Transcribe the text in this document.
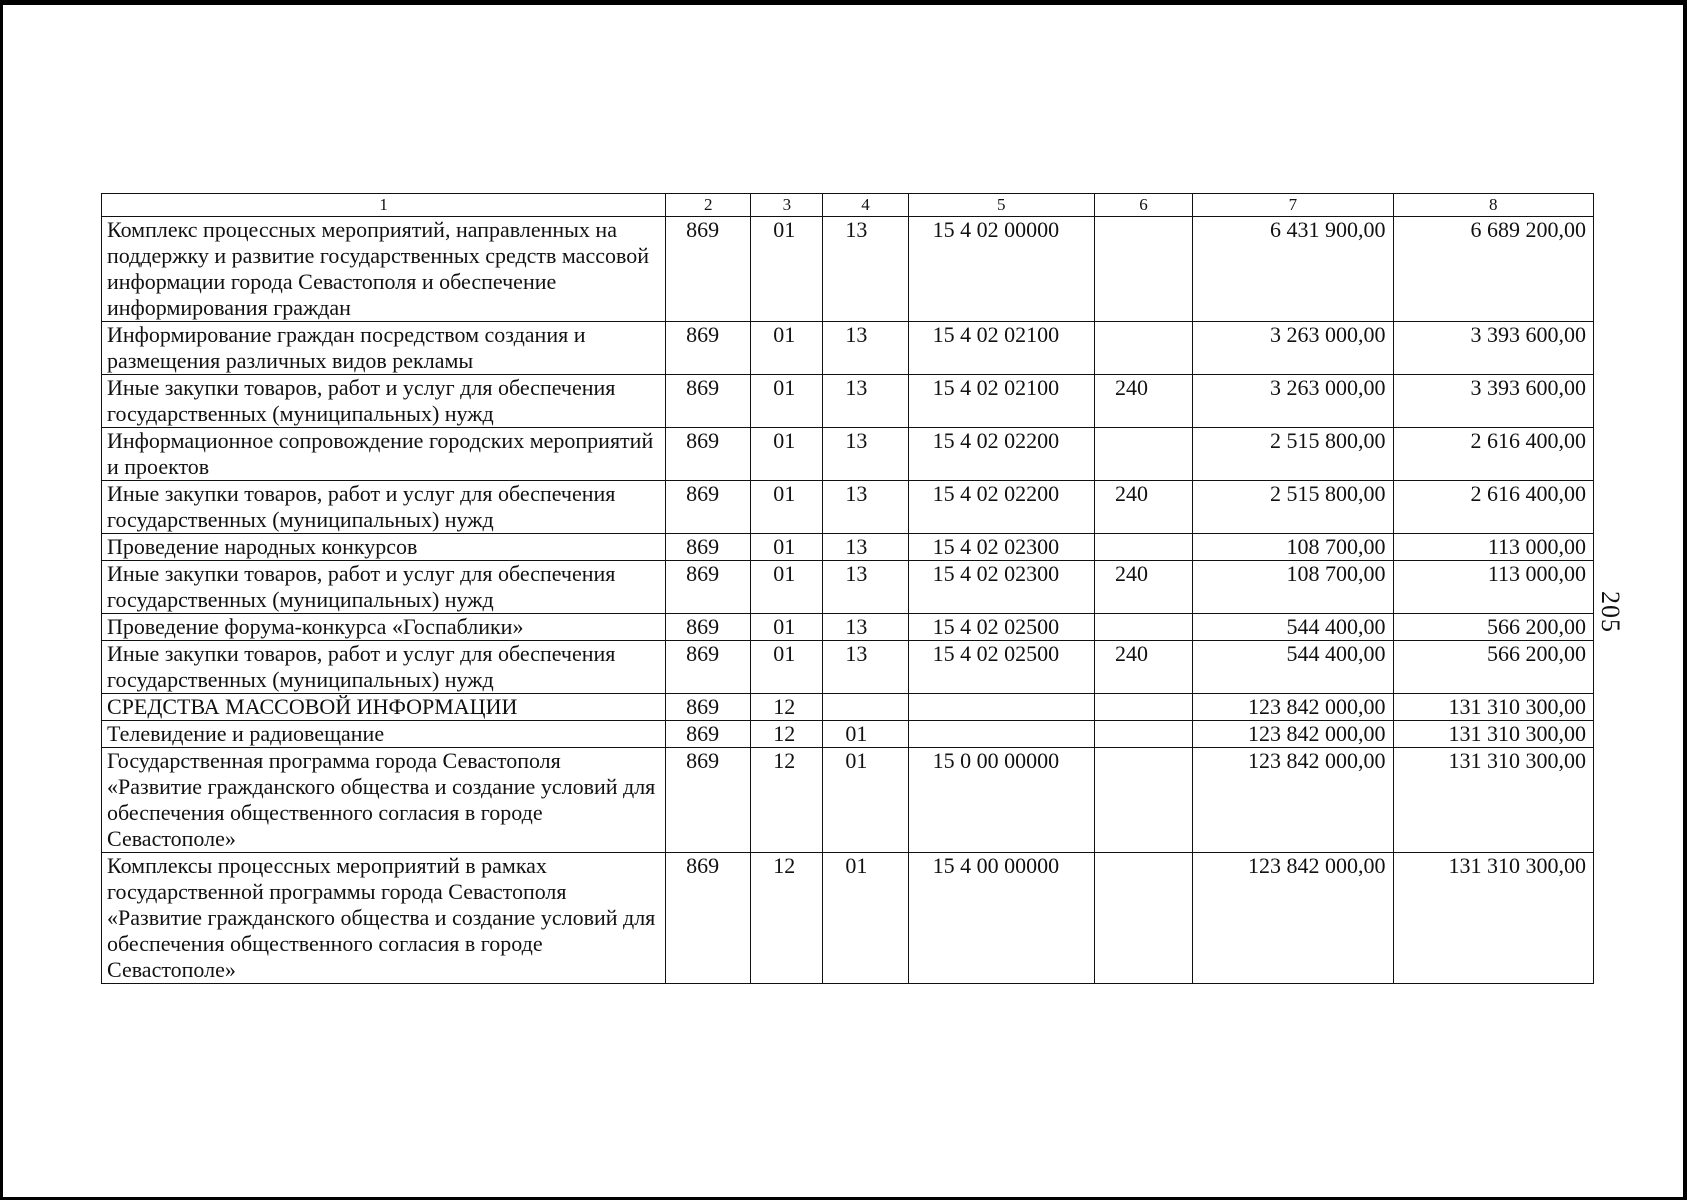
205
1	2	3	4	5	6	7	8
Комплекс процессных мероприятий, направленных на поддержку и развитие государственных средств массовой информации города Севастополя и обеспечение информирования граждан	869	01	13	15 4 02 00000		6 431 900,00	6 689 200,00
Информирование граждан посредством создания и размещения различных видов рекламы	869	01	13	15 4 02 02100		3 263 000,00	3 393 600,00
Иные закупки товаров, работ и услуг для обеспечения государственных (муниципальных) нужд	869	01	13	15 4 02 02100	240	3 263 000,00	3 393 600,00
Информационное сопровождение городских мероприятий и проектов	869	01	13	15 4 02 02200		2 515 800,00	2 616 400,00
Иные закупки товаров, работ и услуг для обеспечения государственных (муниципальных) нужд	869	01	13	15 4 02 02200	240	2 515 800,00	2 616 400,00
Проведение народных конкурсов	869	01	13	15 4 02 02300		108 700,00	113 000,00
Иные закупки товаров, работ и услуг для обеспечения государственных (муниципальных) нужд	869	01	13	15 4 02 02300	240	108 700,00	113 000,00
Проведение форума-конкурса «Госпаблики»	869	01	13	15 4 02 02500		544 400,00	566 200,00
Иные закупки товаров, работ и услуг для обеспечения государственных (муниципальных) нужд	869	01	13	15 4 02 02500	240	544 400,00	566 200,00
СРЕДСТВА МАССОВОЙ ИНФОРМАЦИИ	869	12				123 842 000,00	131 310 300,00
Телевидение и радиовещание	869	12	01			123 842 000,00	131 310 300,00
Государственная программа города Севастополя «Развитие гражданского общества и создание условий для обеспечения общественного согласия в городе Севастополе»	869	12	01	15 0 00 00000		123 842 000,00	131 310 300,00
Комплексы процессных мероприятий в рамках государственной программы города Севастополя «Развитие гражданского общества и создание условий для обеспечения общественного согласия в городе Севастополе»	869	12	01	15 4 00 00000		123 842 000,00	131 310 300,00
